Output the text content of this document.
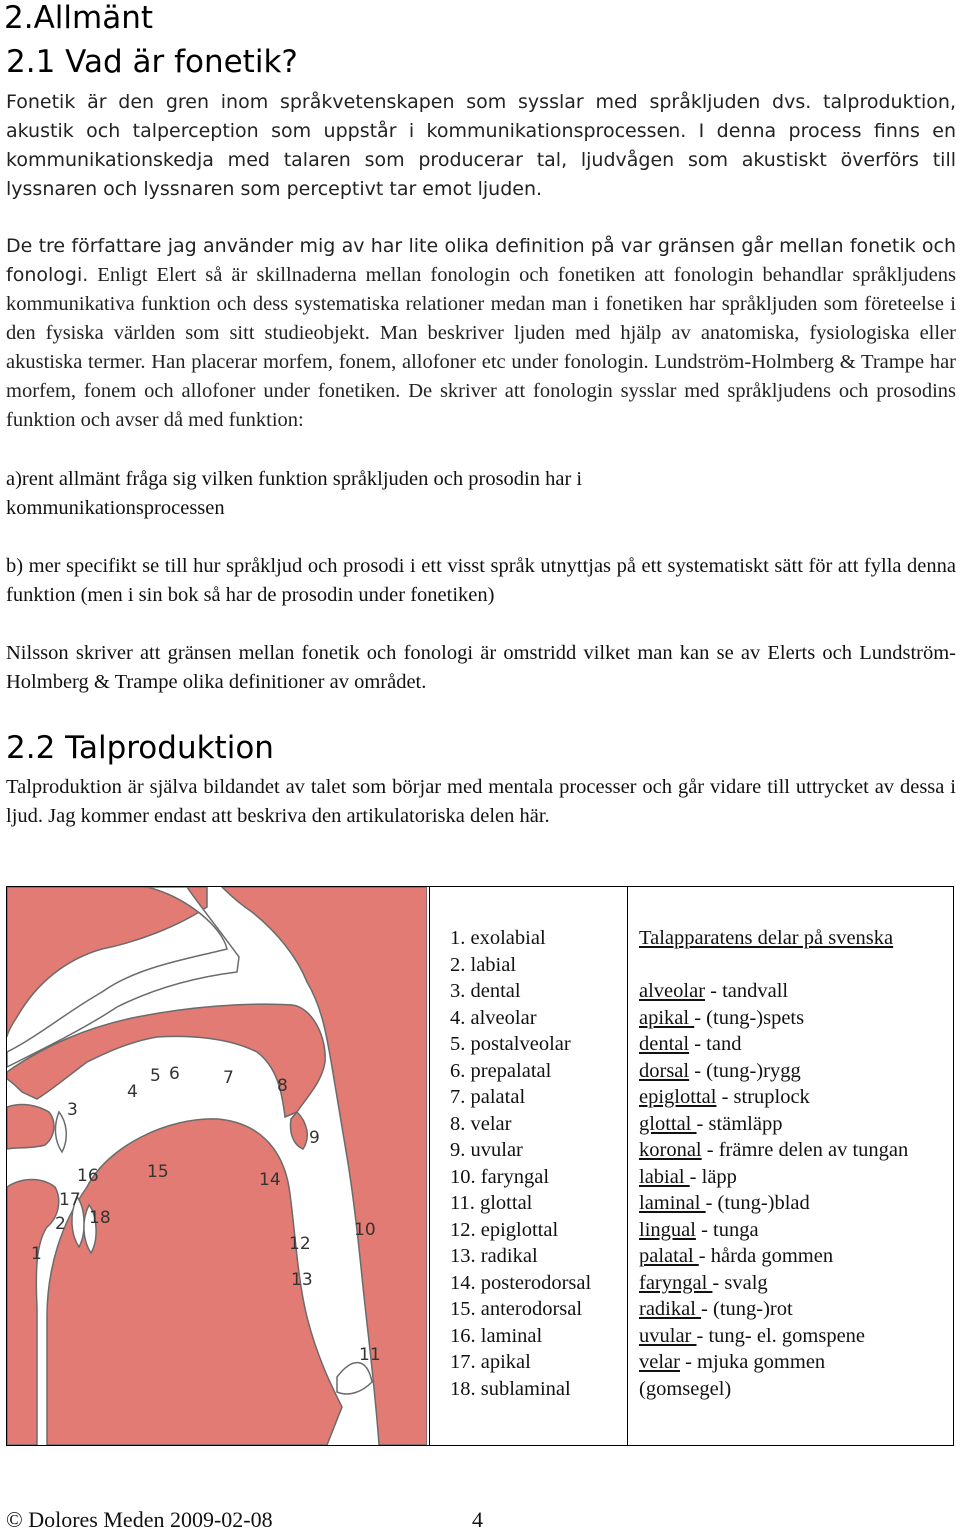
2.Allmänt
2.1 Vad är fonetik?

Fonetik är den gren inom språkvetenskapen som sysslar med språkljuden dvs. talproduktion, akustik och talperception som uppstår i kommunikationsprocessen. I denna process finns en kommunikationskedja med talaren som producerar tal, ljudvågen som akustiskt överförs till lyssnaren och lyssnaren som perceptivt tar emot ljuden.

De tre författare jag använder mig av har lite olika definition på var gränsen går mellan fonetik och fonologi. Enligt Elert så är skillnaderna mellan fonologin och fonetiken att fonologin behandlar språkljudens kommunikativa funktion och dess systematiska relationer medan man i fonetiken har språkljuden som företeelse i den fysiska världen som sitt studieobjekt. Man beskriver ljuden med hjälp av anatomiska, fysiologiska eller akustiska termer. Han placerar morfem, fonem, allofoner etc under fonologin. Lundström-Holmberg & Trampe har morfem, fonem och allofoner under fonetiken. De skriver att fonologin sysslar med språkljudens och prosodins funktion och avser då med funktion:

a)rent allmänt fråga sig vilken funktion språkljuden och prosodin har i
kommunikationsprocessen

b) mer specifikt se till hur språkljud och prosodi i ett visst språk utnyttjas på ett systematiskt sätt för att fylla denna funktion (men i sin bok så har de prosodin under fonetiken)

Nilsson skriver att gränsen mellan fonetik och fonologi är omstridd vilket man kan se av Elerts och Lundström-Holmberg & Trampe olika definitioner av området.

2.2 Talproduktion

Talproduktion är själva bildandet av talet som börjar med mentala processer och går vidare till uttrycket av dessa i ljud. Jag kommer endast att beskriva den artikulatoriska delen här.

1
2
3
4
5 6	7	8
9
10
11
12
13
14
15
16
17
18
1. exolabial
2. labial
3. dental
4. alveolar
5. postalveolar
6. prepalatal
7. palatal
8. velar
9. uvular
10. faryngal
11. glottal
12. epiglottal
13. radikal
14. posterodorsal
15. anterodorsal
16. laminal
17. apikal
18. sublaminal

Talapparatens delar på svenska

alveolar - tandvall
apikal - (tung-)spets
dental - tand
dorsal - (tung-)rygg
epiglottal - struplock
glottal - stämläpp
koronal - främre delen av tungan
labial - läpp
laminal - (tung-)blad
lingual - tunga
palatal - hårda gommen
faryngal - svalg
radikal - (tung-)rot
uvular - tung- el. gomspene
velar - mjuka gommen
(gomsegel)
© Dolores Meden 2009-02-08	4
